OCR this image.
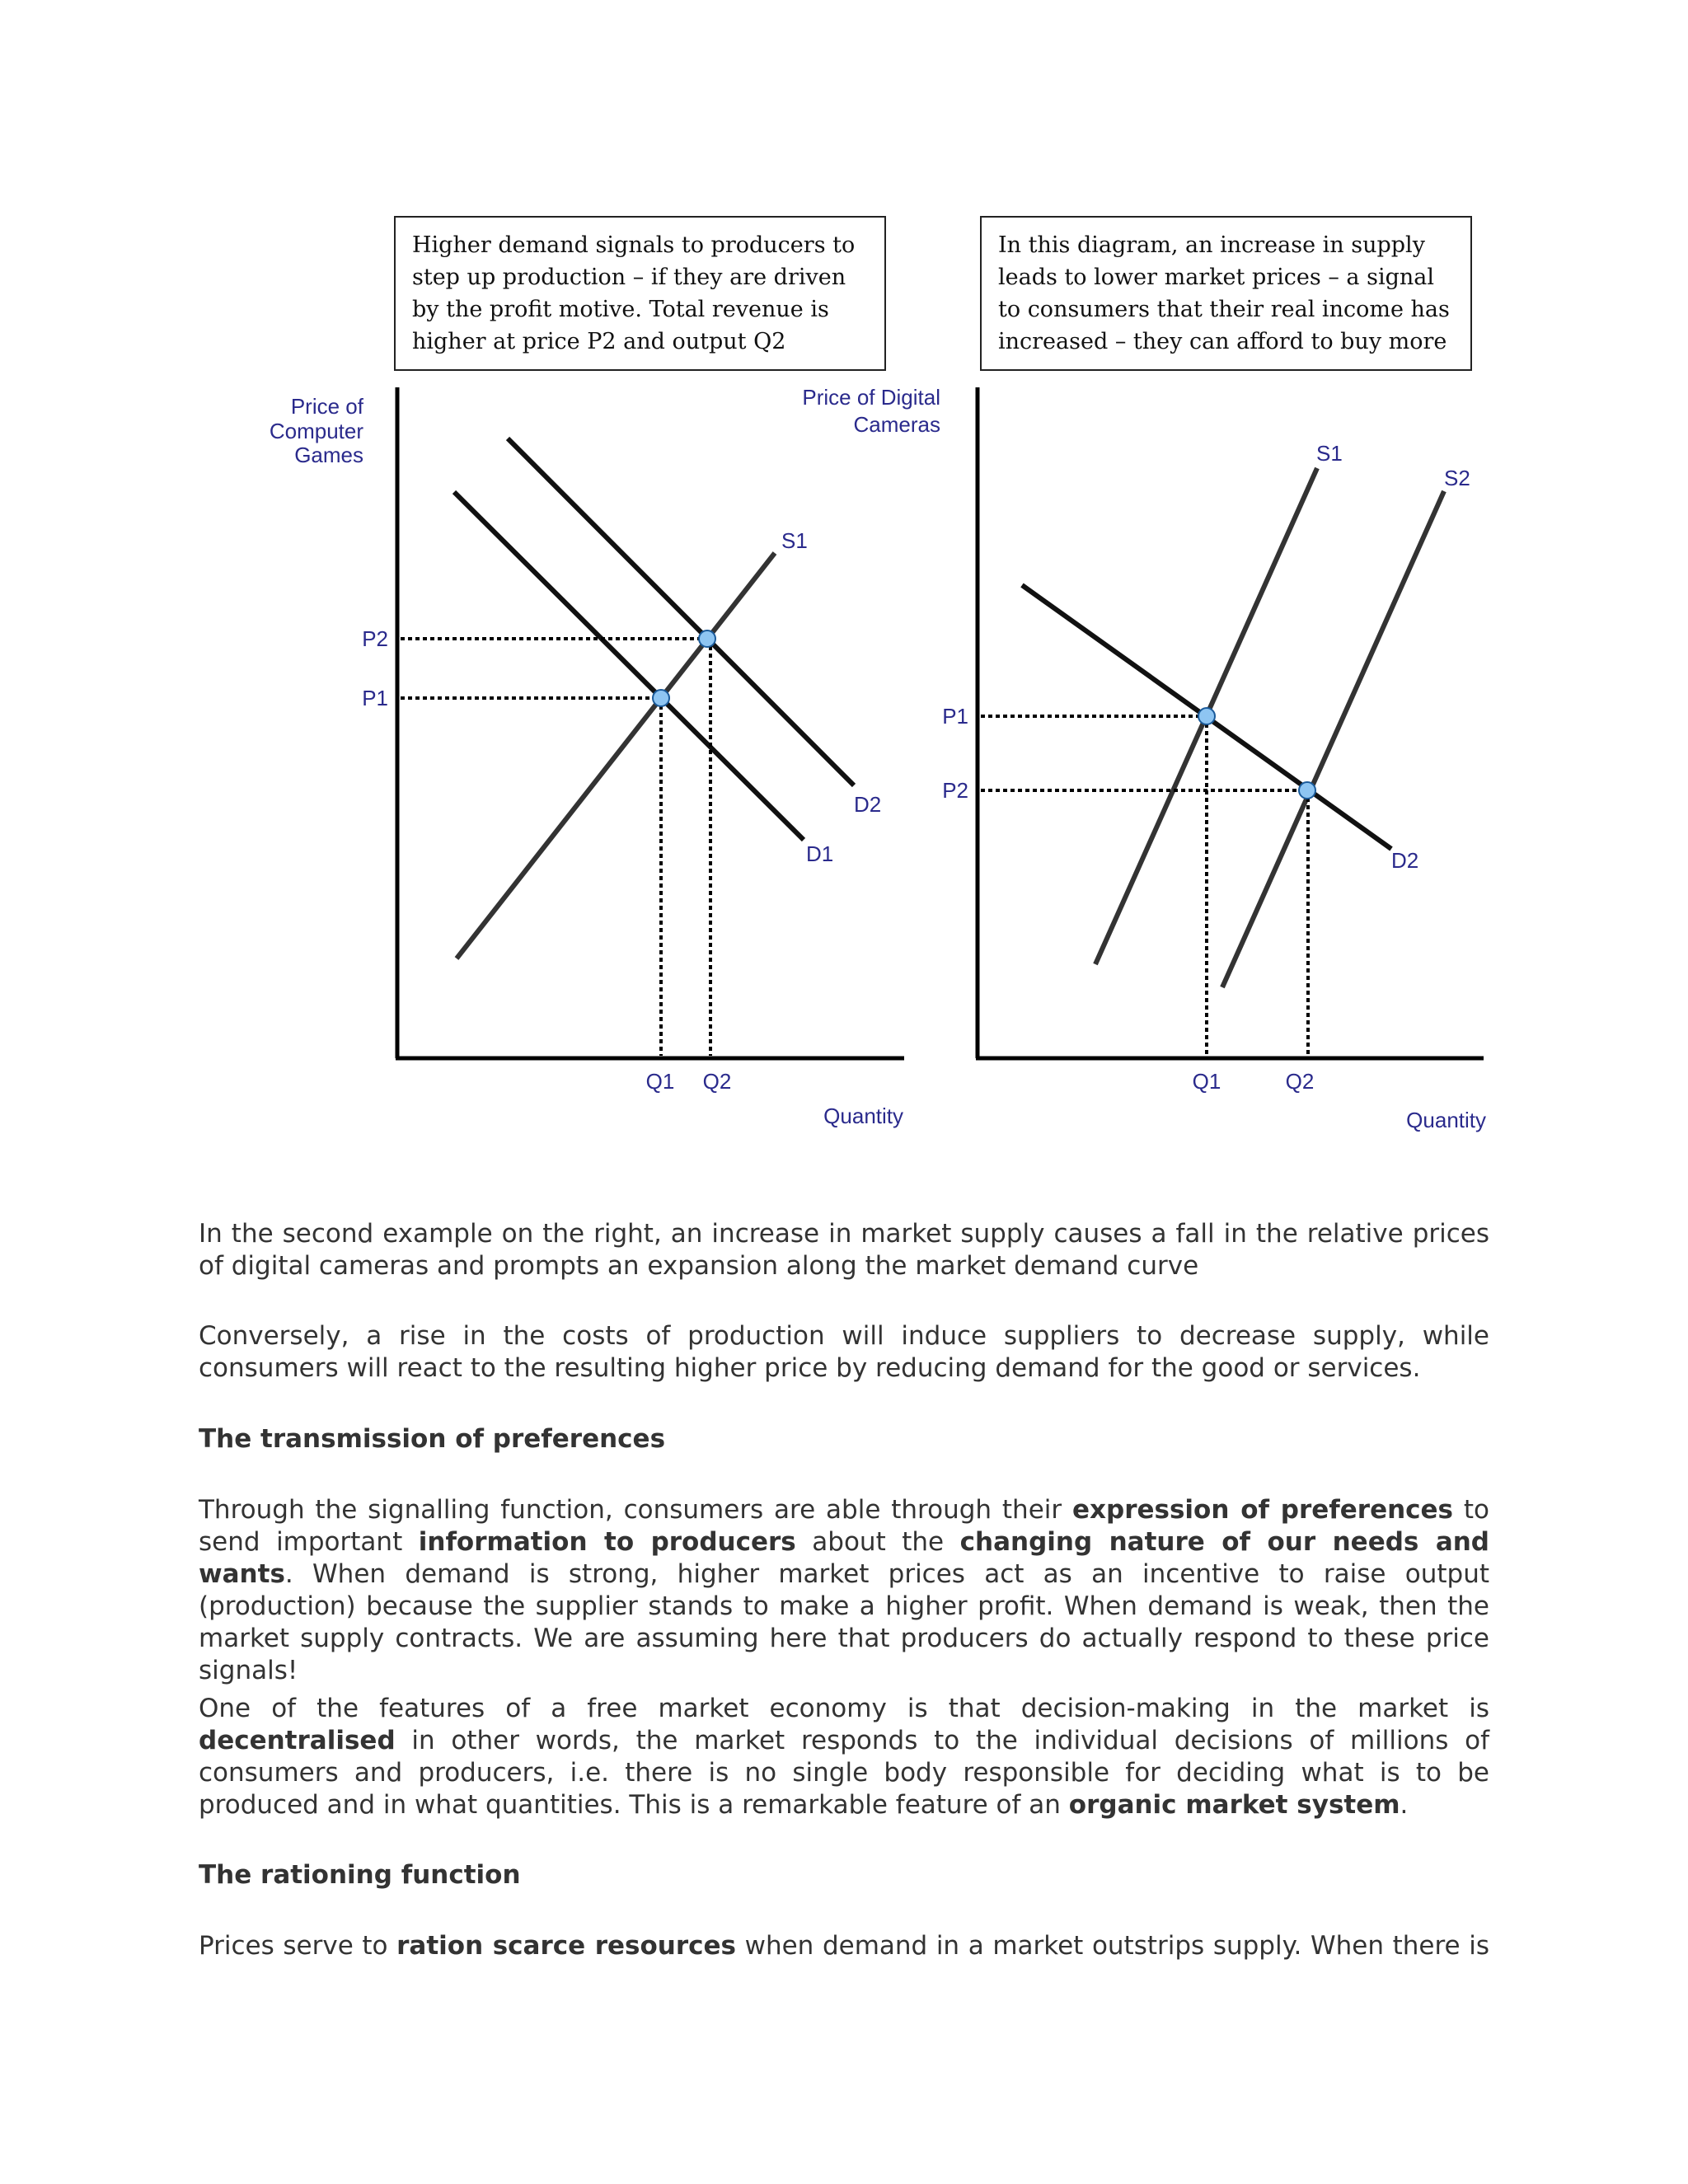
Higher demand signals to producers to step up production – if they are driven by the profit motive. Total revenue is higher at price P2 and output Q2
In this diagram, an increase in supply leads to lower market prices – a signal to consumers that their real income has increased – they can afford to buy more
Price of
Computer
Games
S1
D2
D1
P2
P1
Q1 Q2
Quantity
Price of Digital
Cameras
S1
S2
D2
P1
P2
Q1	Q2
Quantity

In the second example on the right, an increase in market supply causes a fall in the relative prices of digital cameras and prompts an expansion along the market demand curve

Conversely, a rise in the costs of production will induce suppliers to decrease supply, while consumers will react to the resulting higher price by reducing demand for the good or services.

The transmission of preferences

Through the signalling function, consumers are able through their expression of preferences to send important information to producers about the changing nature of our needs and wants. When demand is strong, higher market prices act as an incentive to raise output (production) because the supplier stands to make a higher profit. When demand is weak, then the market supply contracts. We are assuming here that producers do actually respond to these price signals!

One of the features of a free market economy is that decision-making in the market is decentralised in other words, the market responds to the individual decisions of millions of consumers and producers, i.e. there is no single body responsible for deciding what is to be produced and in what quantities. This is a remarkable feature of an organic market system.

The rationing function

Prices serve to ration scarce resources when demand in a market outstrips supply. When there is
